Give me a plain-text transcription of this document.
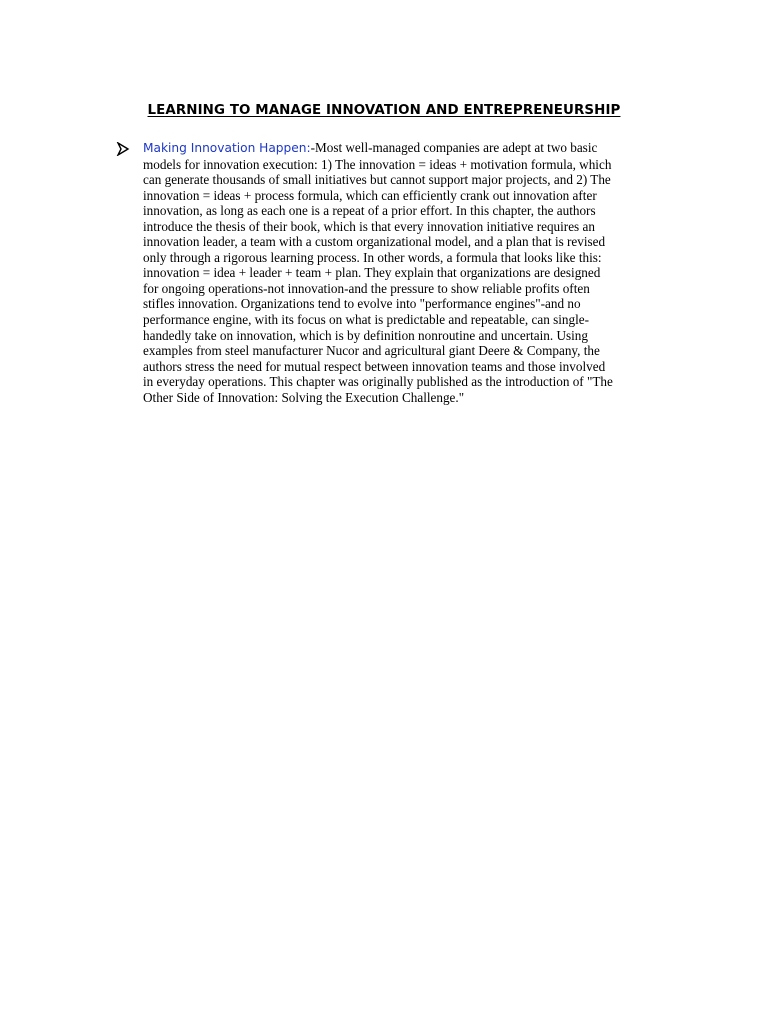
LEARNING TO MANAGE INNOVATION AND ENTREPRENEURSHIP
Making Innovation Happen:-Most well-managed companies are adept at two basic
models for innovation execution: 1) The innovation = ideas + motivation formula, which
can generate thousands of small initiatives but cannot support major projects, and 2) The
innovation = ideas + process formula, which can efficiently crank out innovation after
innovation, as long as each one is a repeat of a prior effort. In this chapter, the authors
introduce the thesis of their book, which is that every innovation initiative requires an
innovation leader, a team with a custom organizational model, and a plan that is revised
only through a rigorous learning process. In other words, a formula that looks like this:
innovation = idea + leader + team + plan. They explain that organizations are designed
for ongoing operations-not innovation-and the pressure to show reliable profits often
stifles innovation. Organizations tend to evolve into "performance engines"-and no
performance engine, with its focus on what is predictable and repeatable, can single-
handedly take on innovation, which is by definition nonroutine and uncertain. Using
examples from steel manufacturer Nucor and agricultural giant Deere & Company, the
authors stress the need for mutual respect between innovation teams and those involved
in everyday operations. This chapter was originally published as the introduction of "The
Other Side of Innovation: Solving the Execution Challenge."
